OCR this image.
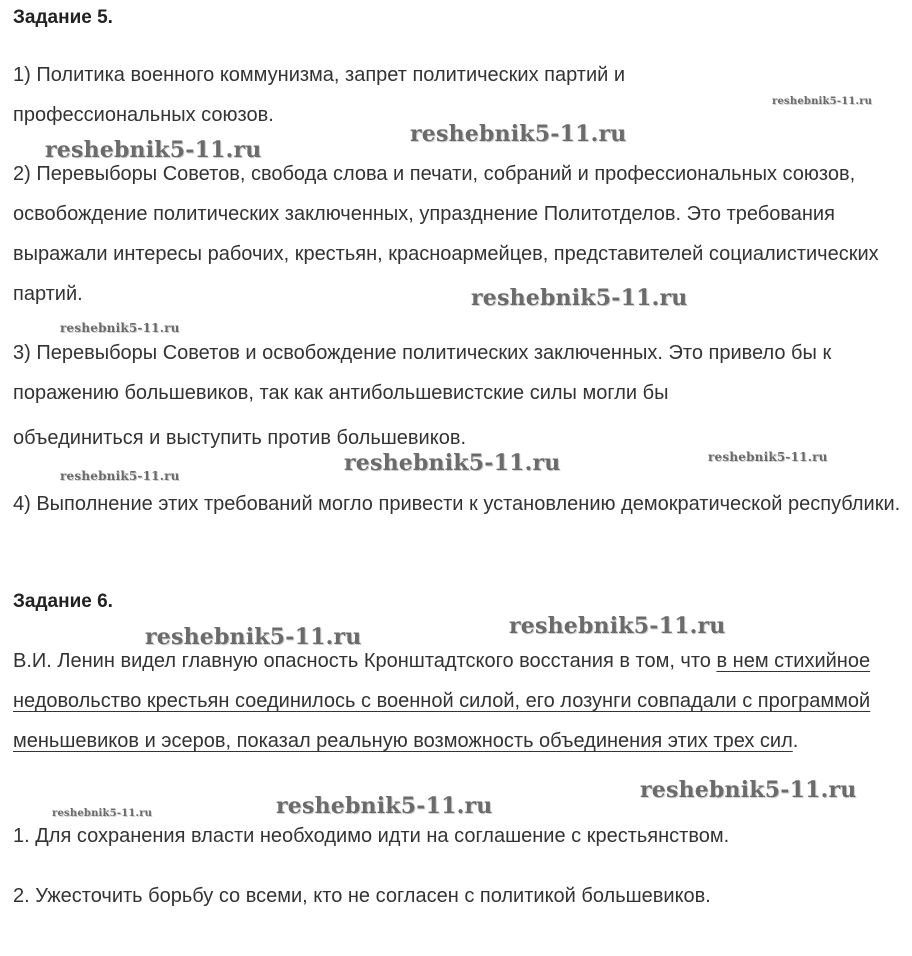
Задание 5.

1) Политика военного коммунизма, запрет политических партий и профессиональных союзов.

2) Перевыборы Советов, свобода слова и печати, собраний и профессиональных союзов, освобождение политических заключенных, упразднение Политотделов. Это требования выражали интересы рабочих, крестьян, красноармейцев, представителей социалистических партий.

3) Перевыборы Советов и освобождение политических заключенных. Это привело бы к поражению большевиков, так как антибольшевистские силы могли бы

объединиться и выступить против большевиков.

4) Выполнение этих требований могло привести к установлению демократической республики.

Задание 6.

В.И. Ленин видел главную опасность Кронштадтского восстания в том, что в нем стихийное недовольство крестьян соединилось с военной силой, его лозунги совпадали с программой меньшевиков и эсеров, показал реальную возможность объединения этих трех сил.

1. Для сохранения власти необходимо идти на соглашение с крестьянством.

2. Ужесточить борьбу со всеми, кто не согласен с политикой большевиков.

reshebnik5-11.ru
reshebnik5-11.ru
reshebnik5-11.ru
reshebnik5-11.ru
reshebnik5-11.ru
reshebnik5-11.ru
reshebnik5-11.ru
reshebnik5-11.ru
reshebnik5-11.ru
reshebnik5-11.ru
reshebnik5-11.ru
reshebnik5-11.ru	reshebnik5-11.ru
